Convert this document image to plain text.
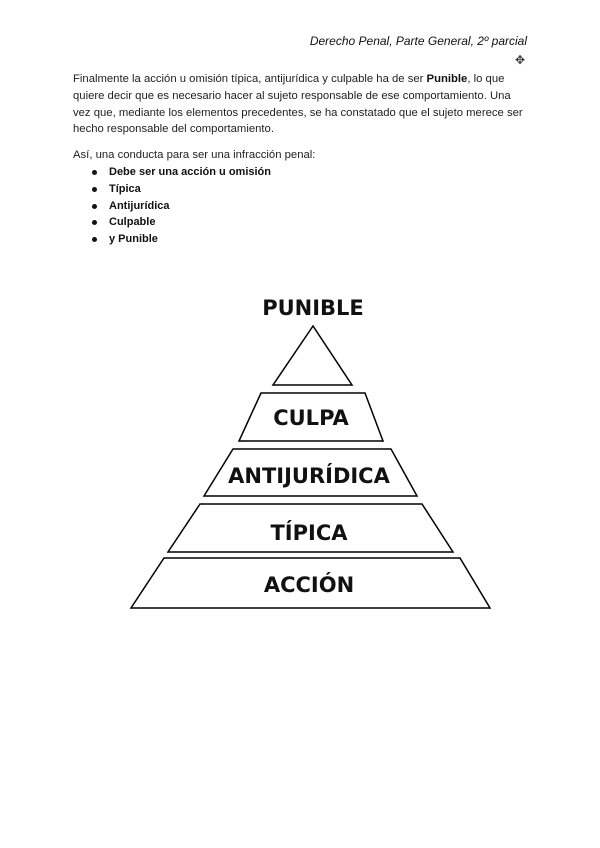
Derecho Penal, Parte General, 2º parcial
✥

Finalmente la acción u omisión típica, antijurídica y culpable ha de ser Punible, lo que quiere decir que es necesario hacer al sujeto responsable de ese comportamiento. Una vez que, mediante los elementos precedentes, se ha constatado que el sujeto merece ser hecho responsable del comportamiento.

Así, una conducta para ser una infracción penal:

Debe ser una acción u omisión
Típica
Antijurídica
Culpable
y Punible
PUNIBLE
CULPA
ANTIJURÍDICA
TÍPICA
ACCIÓN
